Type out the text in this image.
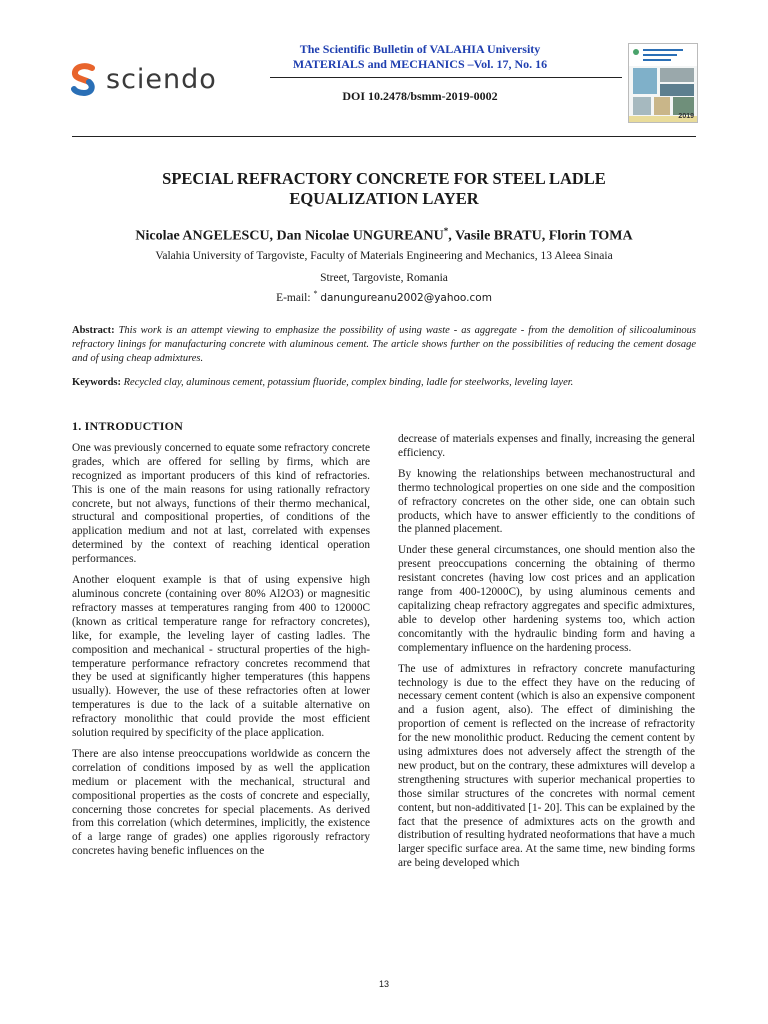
sciendo
The Scientific Bulletin of VALAHIA University
MATERIALS and MECHANICS –Vol. 17, No. 16
DOI 10.2478/bsmm-2019-0002
2019
SPECIAL REFRACTORY CONCRETE FOR STEEL LADLE
EQUALIZATION LAYER
Nicolae ANGELESCU, Dan Nicolae UNGUREANU*, Vasile BRATU, Florin TOMA
Valahia University of Targoviste, Faculty of Materials Engineering and Mechanics, 13 Aleea Sinaia
Street, Targoviste, Romania
E-mail: * danungureanu2002@yahoo.com
Abstract: This work is an attempt viewing to emphasize the possibility of using waste - as aggregate - from the demolition of silicoaluminous refractory linings for manufacturing concrete with aluminous cement. The article shows further on the possibilities of reducing the cement dosage and of using cheap admixtures.
Keywords: Recycled clay, aluminous cement, potassium fluoride, complex binding, ladle for steelworks, leveling layer.
1. INTRODUCTION

One was previously concerned to equate some refractory concrete grades, which are offered for selling by firms, which are recognized as important producers of this kind of refractories. This is one of the main reasons for using rationally refractory concrete, but not always, functions of their thermo mechanical, structural and compositional properties, of conditions of the application medium and not at last, correlated with expenses determined by the context of reaching identical operation performances.

Another eloquent example is that of using expensive high aluminous concrete (containing over 80% Al2O3) or magnesitic refractory masses at temperatures ranging from 400 to 12000C (known as critical temperature range for refractory concretes), like, for example, the leveling layer of casting ladles. The composition and mechanical - structural properties of the high-temperature performance refractory concretes recommend that they be used at significantly higher temperatures (this happens usually). However, the use of these refractories often at lower temperatures is due to the lack of a suitable alternative on refractory monolithic that could provide the most efficient solution required by specificity of the place application.

There are also intense preoccupations worldwide as concern the correlation of conditions imposed by as well the application medium or placement with the mechanical, structural and compositional properties as the costs of concrete and especially, concerning those concretes for special placements. As derived from this correlation (which determines, implicitly, the existence of a large range of grades) one applies rigorously refractory concretes having benefic influences on the

decrease of materials expenses and finally, increasing the general efficiency.

By knowing the relationships between mechanostructural and thermo technological properties on one side and the composition of refractory concretes on the other side, one can obtain such products, which have to answer efficiently to the conditions of the planned placement.

Under these general circumstances, one should mention also the present preoccupations concerning the obtaining of thermo resistant concretes (having low cost prices and an application range from 400-12000C), by using aluminous cements and capitalizing cheap refractory aggregates and specific admixtures, able to develop other hardening systems too, which action concomitantly with the hydraulic binding form and having a complementary influence on the hardening process.

The use of admixtures in refractory concrete manufacturing technology is due to the effect they have on the reducing of necessary cement content (which is also an expensive component and a fusion agent, also). The effect of diminishing the proportion of cement is reflected on the increase of refractority for the new monolithic product. Reducing the cement content by using admixtures does not adversely affect the strength of the new product, but on the contrary, these admixtures will develop a strengthening structures with superior mechanical properties to those similar structures of the concretes with normal cement content, but non-additivated [1- 20]. This can be explained by the fact that the presence of admixtures acts on the growth and distribution of resulting hydrated neoformations that have a much larger specific surface area. At the same time, new binding forms are being developed which

13
